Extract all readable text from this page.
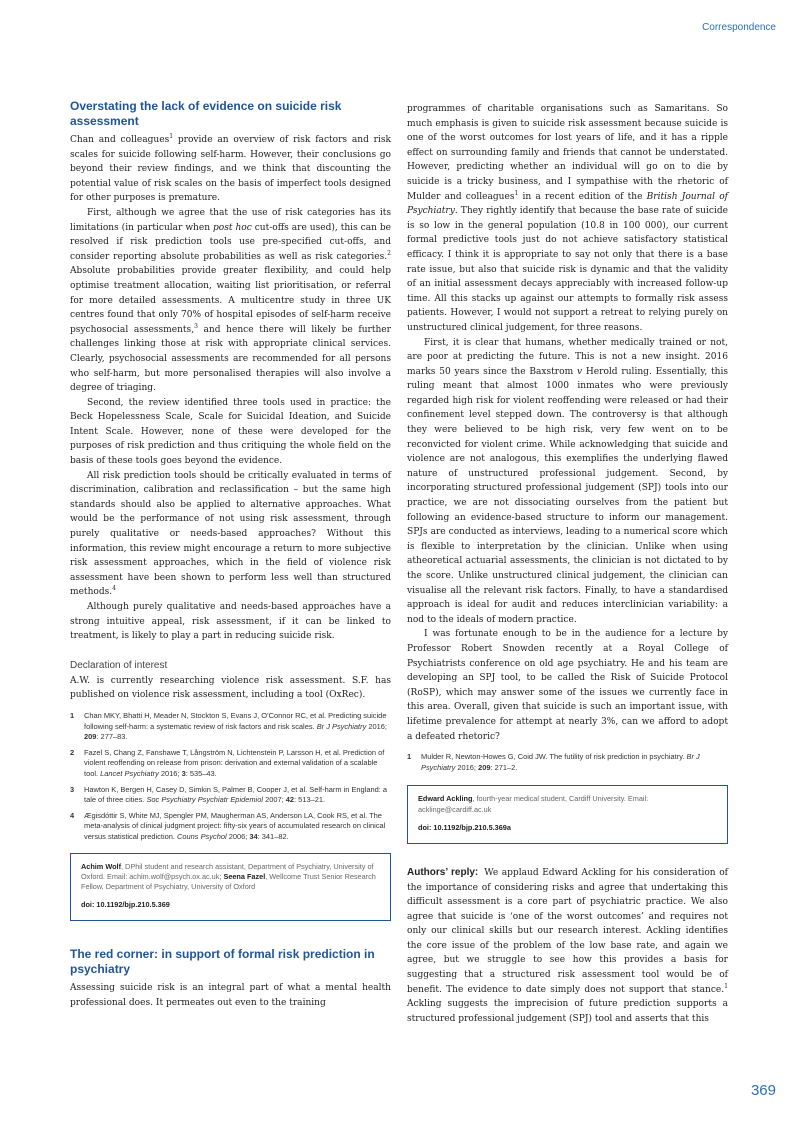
Correspondence
Overstating the lack of evidence on suicide risk assessment

Chan and colleagues$^1$ provide an overview of risk factors and risk scales for suicide following self-harm. However, their conclusions go beyond their review findings, and we think that discounting the potential value of risk scales on the basis of imperfect tools designed for other purposes is premature.

First, although we agree that the use of risk categories has its limitations (in particular when post hoc cut-offs are used), this can be resolved if risk prediction tools use pre-specified cut-offs, and consider reporting absolute probabilities as well as risk categories.$^2$ Absolute probabilities provide greater flexibility, and could help optimise treatment allocation, waiting list prioritisation, or referral for more detailed assessments. A multicentre study in three UK centres found that only 70% of hospital episodes of self-harm receive psychosocial assessments,$^3$ and hence there will likely be further challenges linking those at risk with appropriate clinical services. Clearly, psychosocial assessments are recommended for all persons who self-harm, but more personalised therapies will also involve a degree of triaging.

Second, the review identified three tools used in practice: the Beck Hopelessness Scale, Scale for Suicidal Ideation, and Suicide Intent Scale. However, none of these were developed for the purposes of risk prediction and thus critiquing the whole field on the basis of these tools goes beyond the evidence.

All risk prediction tools should be critically evaluated in terms of discrimination, calibration and reclassification – but the same high standards should also be applied to alternative approaches. What would be the performance of not using risk assessment, through purely qualitative or needs-based approaches? Without this information, this review might encourage a return to more subjective risk assessment approaches, which in the field of violence risk assessment have been shown to perform less well than structured methods.$^4$

Although purely qualitative and needs-based approaches have a strong intuitive appeal, risk assessment, if it can be linked to treatment, is likely to play a part in reducing suicide risk.

Declaration of interest

A.W. is currently researching violence risk assessment. S.F. has published on violence risk assessment, including a tool (OxRec).

1	Chan MKY, Bhatti H, Meader N, Stockton S, Evans J, O’Connor RC, et al. Predicting suicide following self-harm: a systematic review of risk factors and risk scales. Br J Psychiatry 2016; 209: 277–83.
2	Fazel S, Chang Z, Fanshawe T, Långström N, Lichtenstein P, Larsson H, et al. Prediction of violent reoffending on release from prison: derivation and external validation of a scalable tool. Lancet Psychiatry 2016; 3: 535–43.
3	Hawton K, Bergen H, Casey D, Simkin S, Palmer B, Cooper J, et al. Self-harm in England: a tale of three cities. Soc Psychiatry Psychiatr Epidemiol 2007; 42: 513–21.
4	Ægisdóttir S, White MJ, Spengler PM, Maugherman AS, Anderson LA, Cook RS, et al. The meta-analysis of clinical judgment project: fifty-six years of accumulated research on clinical versus statistical prediction. Couns Psychol 2006; 34: 341–82.
Achim Wolf, DPhil student and research assistant, Department of Psychiatry, University of Oxford. Email: achim.wolf@psych.ox.ac.uk; Seena Fazel, Wellcome Trust Senior Research Fellow, Department of Psychiatry, University of Oxford
doi: 10.1192/bjp.210.5.369
The red corner: in support of formal risk prediction in psychiatry

Assessing suicide risk is an integral part of what a mental health professional does. It permeates out even to the training

programmes of charitable organisations such as Samaritans. So much emphasis is given to suicide risk assessment because suicide is one of the worst outcomes for lost years of life, and it has a ripple effect on surrounding family and friends that cannot be understated. However, predicting whether an individual will go on to die by suicide is a tricky business, and I sympathise with the rhetoric of Mulder and colleagues$^1$ in a recent edition of the British Journal of Psychiatry. They rightly identify that because the base rate of suicide is so low in the general population (10.8 in 100 000), our current formal predictive tools just do not achieve satisfactory statistical efficacy. I think it is appropriate to say not only that there is a base rate issue, but also that suicide risk is dynamic and that the validity of an initial assessment decays appreciably with increased follow-up time. All this stacks up against our attempts to formally risk assess patients. However, I would not support a retreat to relying purely on unstructured clinical judgement, for three reasons.

First, it is clear that humans, whether medically trained or not, are poor at predicting the future. This is not a new insight. 2016 marks 50 years since the Baxstrom v Herold ruling. Essentially, this ruling meant that almost 1000 inmates who were previously regarded high risk for violent reoffending were released or had their confinement level stepped down. The controversy is that although they were believed to be high risk, very few went on to be reconvicted for violent crime. While acknowledging that suicide and violence are not analogous, this exemplifies the underlying flawed nature of unstructured professional judgement. Second, by incorporating structured professional judgement (SPJ) tools into our practice, we are not dissociating ourselves from the patient but following an evidence-based structure to inform our management. SPJs are conducted as interviews, leading to a numerical score which is flexible to interpretation by the clinician. Unlike when using atheoretical actuarial assessments, the clinician is not dictated to by the score. Unlike unstructured clinical judgement, the clinician can visualise all the relevant risk factors. Finally, to have a standardised approach is ideal for audit and reduces interclinician variability: a nod to the ideals of modern practice.

I was fortunate enough to be in the audience for a lecture by Professor Robert Snowden recently at a Royal College of Psychiatrists conference on old age psychiatry. He and his team are developing an SPJ tool, to be called the Risk of Suicide Protocol (RoSP), which may answer some of the issues we currently face in this area. Overall, given that suicide is such an important issue, with lifetime prevalence for attempt at nearly 3%, can we afford to adopt a defeated rhetoric?

1	Mulder R, Newton-Howes G, Coid JW. The futility of risk prediction in psychiatry. Br J Psychiatry 2016; 209: 271–2.
Edward Ackling, fourth-year medical student, Cardiff University. Email: acklinge@cardiff.ac.uk
doi: 10.1192/bjp.210.5.369a

Authors’ reply: We applaud Edward Ackling for his consideration of the importance of considering risks and agree that undertaking this difficult assessment is a core part of psychiatric practice. We also agree that suicide is ‘one of the worst outcomes’ and requires not only our clinical skills but our research interest. Ackling identifies the core issue of the problem of the low base rate, and again we agree, but we struggle to see how this provides a basis for suggesting that a structured risk assessment tool would be of benefit. The evidence to date simply does not support that stance.$^1$ Ackling suggests the imprecision of future prediction supports a structured professional judgement (SPJ) tool and asserts that this

369
